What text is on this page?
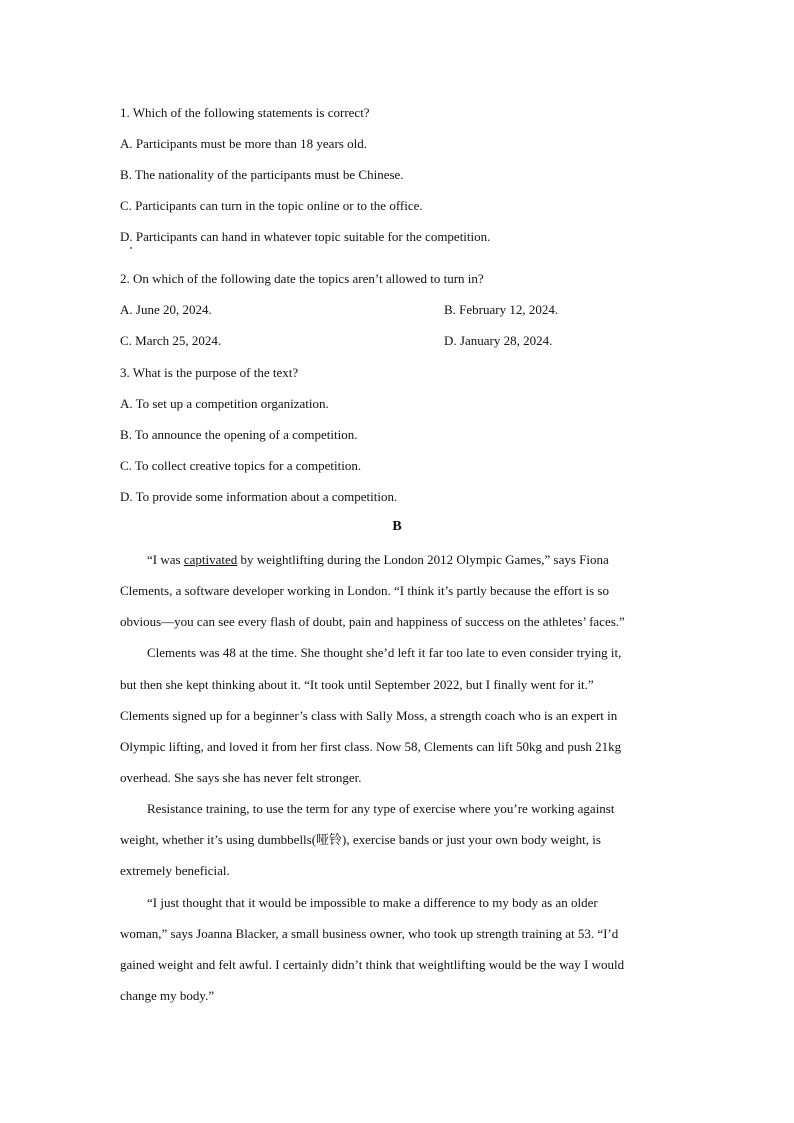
1. Which of the following statements is correct?
A. Participants must be more than 18 years old.
B. The nationality of the participants must be Chinese.
C. Participants can turn in the topic online or to the office.
D. Participants can hand in whatever topic suitable for the competition.
2. On which of the following date the topics aren’t allowed to turn in?
A. June 20, 2024.	B. February 12, 2024.
C. March 25, 2024.	D. January 28, 2024.
3. What is the purpose of the text?
A. To set up a competition organization.
B. To announce the opening of a competition.
C. To collect creative topics for a competition.
D. To provide some information about a competition.
B
“I was captivated by weightlifting during the London 2012 Olympic Games,” says Fiona
Clements, a software developer working in London. “I think it’s partly because the effort is so
obvious—you can see every flash of doubt, pain and happiness of success on the athletes’ faces.”
Clements was 48 at the time. She thought she’d left it far too late to even consider trying it,
but then she kept thinking about it. “It took until September 2022, but I finally went for it.”
Clements signed up for a beginner’s class with Sally Moss, a strength coach who is an expert in
Olympic lifting, and loved it from her first class. Now 58, Clements can lift 50kg and push 21kg
overhead. She says she has never felt stronger.
Resistance training, to use the term for any type of exercise where you’re working against
weight, whether it’s using dumbbells(哑铃), exercise bands or just your own body weight, is
extremely beneficial.
“I just thought that it would be impossible to make a difference to my body as an older
woman,” says Joanna Blacker, a small business owner, who took up strength training at 53. “I’d
gained weight and felt awful. I certainly didn’t think that weightlifting would be the way I would
change my body.”
